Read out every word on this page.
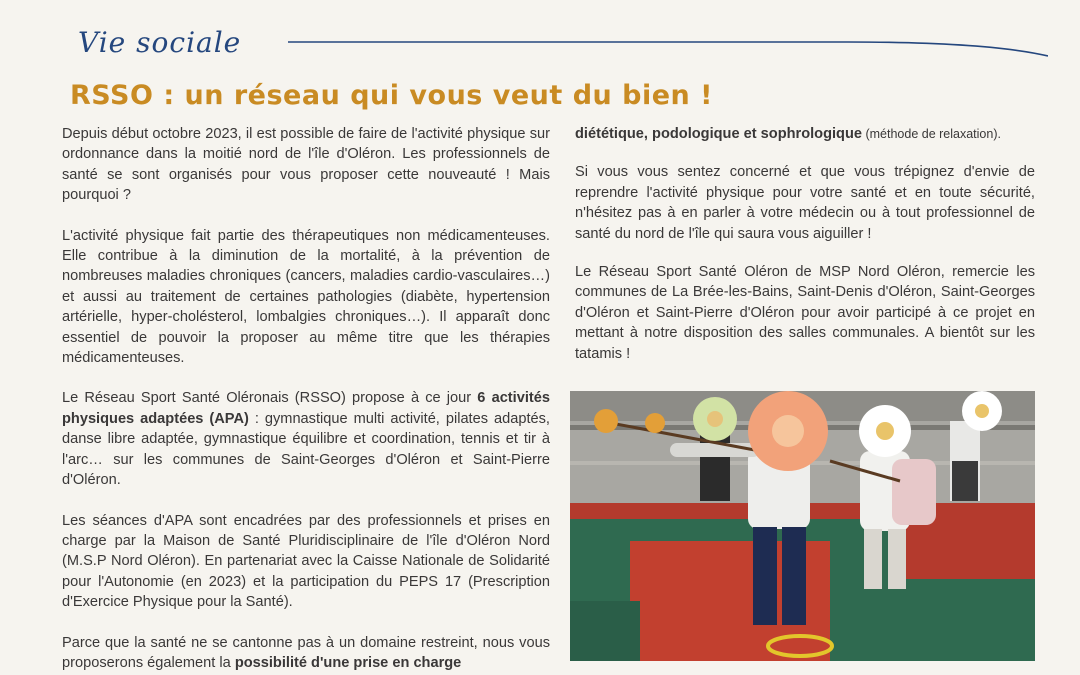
Vie sociale
RSSO : un réseau qui vous veut du bien !

Depuis début octobre 2023, il est possible de faire de l'activité physique sur ordonnance dans la moitié nord de l'île d'Oléron. Les professionnels de santé se sont organisés pour vous proposer cette nouveauté ! Mais pourquoi ?

L'activité physique fait partie des thérapeutiques non médicamenteuses. Elle contribue à la diminution de la mortalité, à la prévention de nombreuses maladies chroniques (cancers, maladies cardio-vasculaires…) et aussi au traitement de certaines pathologies (diabète, hypertension artérielle, hyper-cholésterol, lombalgies chroniques…). Il apparaît donc essentiel de pouvoir la proposer au même titre que les thérapies médicamenteuses.

Le Réseau Sport Santé Oléronais (RSSO) propose à ce jour 6 activités physiques adaptées (APA) : gymnastique multi activité, pilates adaptés, danse libre adaptée, gymnastique équilibre et coordination, tennis et tir à l'arc… sur les communes de Saint-Georges d'Oléron et Saint-Pierre d'Oléron.

Les séances d'APA sont encadrées par des professionnels et prises en charge par la Maison de Santé Pluridisciplinaire de l'île d'Oléron Nord (M.S.P Nord Oléron). En partenariat avec la Caisse Nationale de Solidarité pour l'Autonomie (en 2023) et la participation du PEPS 17 (Prescription d'Exercice Physique pour la Santé).

Parce que la santé ne se cantonne pas à un domaine restreint, nous vous proposerons également la possibilité d'une prise en charge

diététique, podologique et sophrologique (méthode de relaxation).

Si vous vous sentez concerné et que vous trépignez d'envie de reprendre l'activité physique pour votre santé et en toute sécurité, n'hésitez pas à en parler à votre médecin ou à tout professionnel de santé du nord de l'île qui saura vous aiguiller !

Le Réseau Sport Santé Oléron de MSP Nord Oléron, remercie les communes de La Brée-les-Bains, Saint-Denis d'Oléron, Saint-Georges d'Oléron et Saint-Pierre d'Oléron pour avoir participé à ce projet en mettant à notre disposition des salles communales. A bientôt sur les tatamis !
